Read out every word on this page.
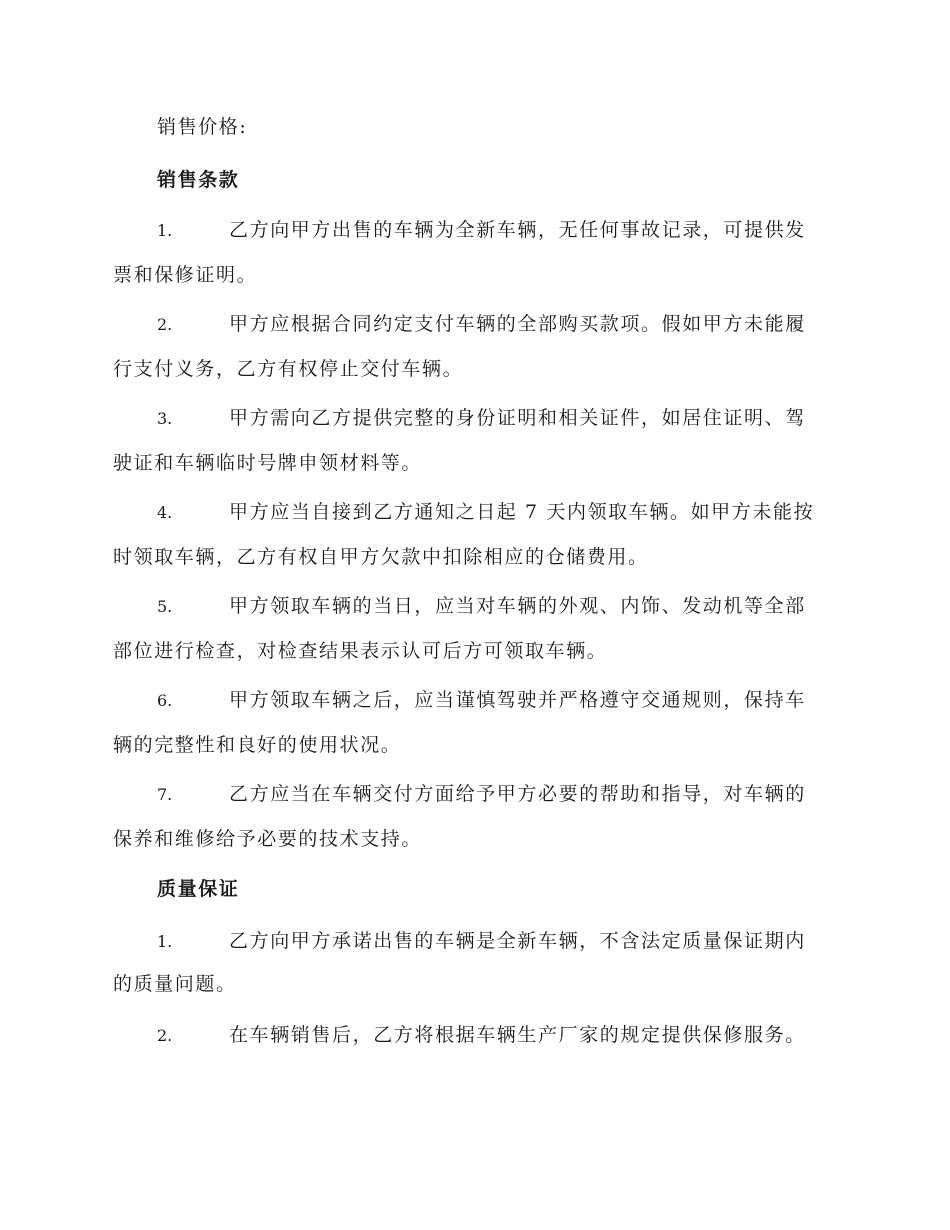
销售价格:
销售条款
1.	乙方向甲方出售的车辆为全新车辆，无任何事故记录，可提供发
票和保修证明。
2.	甲方应根据合同约定支付车辆的全部购买款项。假如甲方未能履
行支付义务，乙方有权停止交付车辆。
3.	甲方需向乙方提供完整的身份证明和相关证件，如居住证明、驾
驶证和车辆临时号牌申领材料等。
4.	甲方应当自接到乙方通知之日起 7 天内领取车辆。如甲方未能按
时领取车辆，乙方有权自甲方欠款中扣除相应的仓储费用。
5.	甲方领取车辆的当日，应当对车辆的外观、内饰、发动机等全部
部位进行检查，对检查结果表示认可后方可领取车辆。
6.	甲方领取车辆之后，应当谨慎驾驶并严格遵守交通规则，保持车
辆的完整性和良好的使用状况。
7.	乙方应当在车辆交付方面给予甲方必要的帮助和指导，对车辆的
保养和维修给予必要的技术支持。
质量保证
1.	乙方向甲方承诺出售的车辆是全新车辆，不含法定质量保证期内
的质量问题。
2.	在车辆销售后，乙方将根据车辆生产厂家的规定提供保修服务。
